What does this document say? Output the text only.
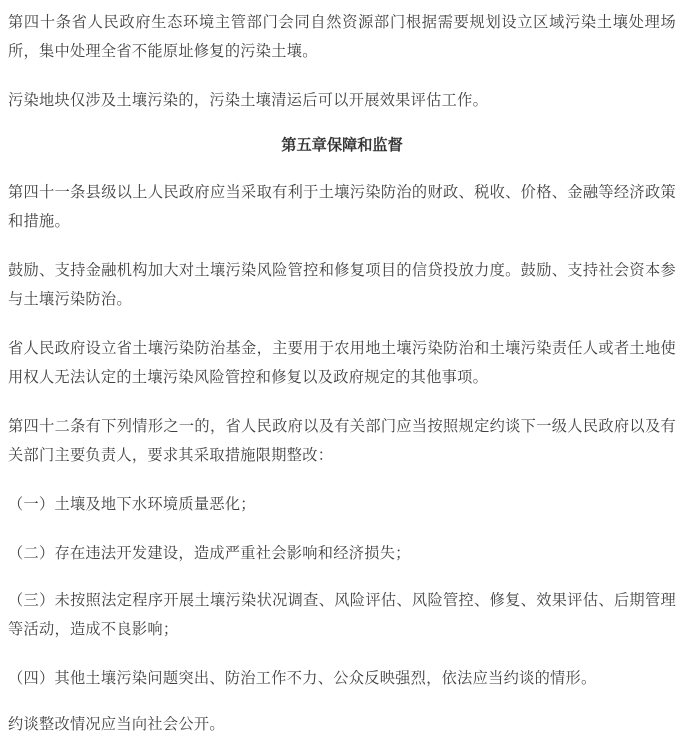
第四十条省人民政府生态环境主管部门会同自然资源部门根据需要规划设立区域污染土壤处理场所，集中处理全省不能原址修复的污染土壤。

污染地块仅涉及土壤污染的，污染土壤清运后可以开展效果评估工作。

第五章保障和监督

第四十一条县级以上人民政府应当采取有利于土壤污染防治的财政、税收、价格、金融等经济政策和措施。

鼓励、支持金融机构加大对土壤污染风险管控和修复项目的信贷投放力度。鼓励、支持社会资本参与土壤污染防治。

省人民政府设立省土壤污染防治基金，主要用于农用地土壤污染防治和土壤污染责任人或者土地使用权人无法认定的土壤污染风险管控和修复以及政府规定的其他事项。

第四十二条有下列情形之一的，省人民政府以及有关部门应当按照规定约谈下一级人民政府以及有关部门主要负责人，要求其采取措施限期整改：

（一）土壤及地下水环境质量恶化；

（二）存在违法开发建设，造成严重社会影响和经济损失；

（三）未按照法定程序开展土壤污染状况调查、风险评估、风险管控、修复、效果评估、后期管理等活动，造成不良影响；

（四）其他土壤污染问题突出、防治工作不力、公众反映强烈，依法应当约谈的情形。

约谈整改情况应当向社会公开。
